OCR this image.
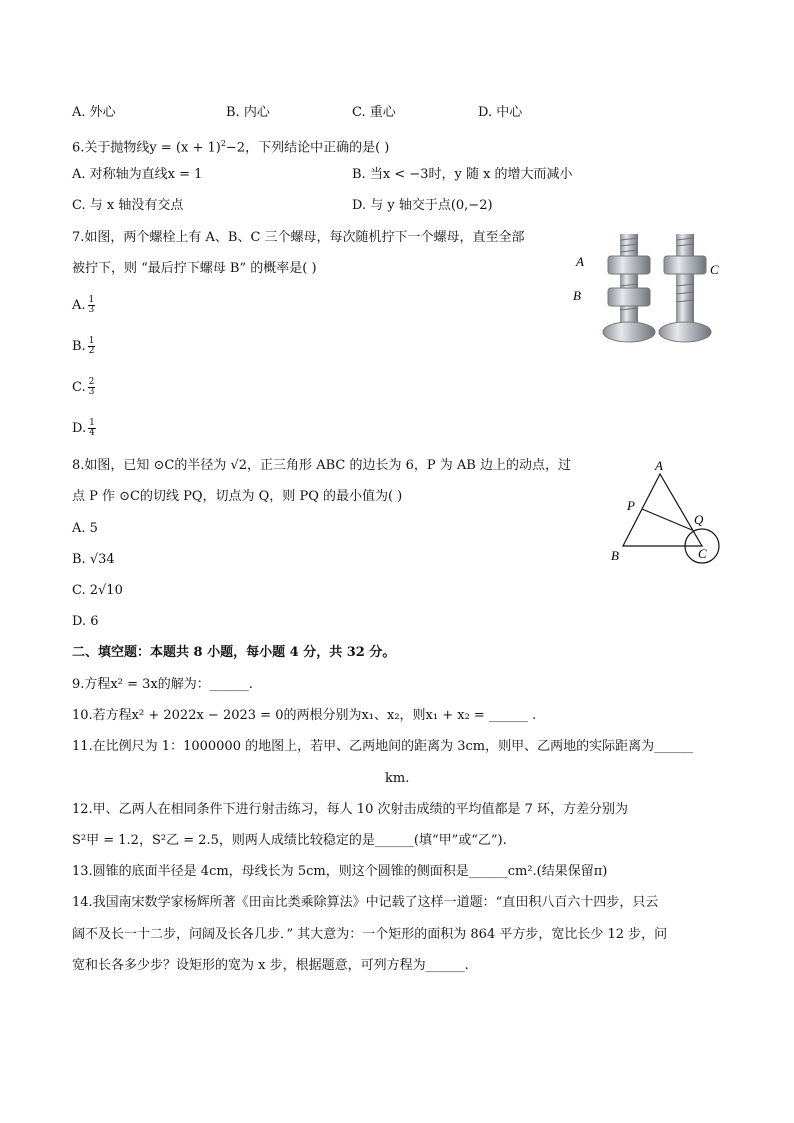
A. 外心	B. 内心	C. 重心	D. 中心
6.关于抛物线$y = (x + 1)^2-2$，下列结论中正确的是( )
A. 对称轴为直线x = 1	B. 当x < −3时，y 随 x 的增大而减小
C. 与 x 轴没有交点	D. 与 y 轴交于点(0,−2)
7.如图，两个螺栓上有 A、B、C 三个螺母，每次随机拧下一个螺母，直至全部
被拧下，则 “最后拧下螺母 B” 的概率是( )
A. $\frac{1}{3}$
B. $\frac{1}{2}$
C. $\frac{2}{3}$
D. $\frac{1}{4}$
A
B
C
8.如图，已知 ⊙C的半径为 √2，正三角形 ABC 的边长为 6，P 为 AB 边上的动点，过
点 P 作 ⊙C的切线 PQ，切点为 Q，则 PQ 的最小值为( )
A. 5
B. √34
C. 2√10
D. 6
A
B	C
P
Q
二、填空题：本题共 8 小题，每小题 4 分，共 32 分。
9.方程x² = 3x的解为：______.
10.若方程x² + 2022x − 2023 = 0的两根分别为x₁、x₂，则x₁ + x₂ = ______ .
11.在比例尺为 1：1000000 的地图上，若甲、乙两地间的距离为 3cm，则甲、乙两地的实际距离为______
km.
12.甲、乙两人在相同条件下进行射击练习，每人 10 次射击成绩的平均值都是 7 环，方差分别为
S²甲 = 1.2，S²乙 = 2.5，则两人成绩比较稳定的是______(填“甲”或“乙”).
13.圆锥的底面半径是 4cm，母线长为 5cm，则这个圆锥的侧面积是______cm².(结果保留π)
14.我国南宋数学家杨辉所著《田亩比类乘除算法》中记载了这样一道题：“直田积八百六十四步，只云
阔不及长一十二步，问阔及长各几步．” 其大意为：一个矩形的面积为 864 平方步，宽比长少 12 步，问
宽和长各多少步？设矩形的宽为 x 步，根据题意，可列方程为______.
